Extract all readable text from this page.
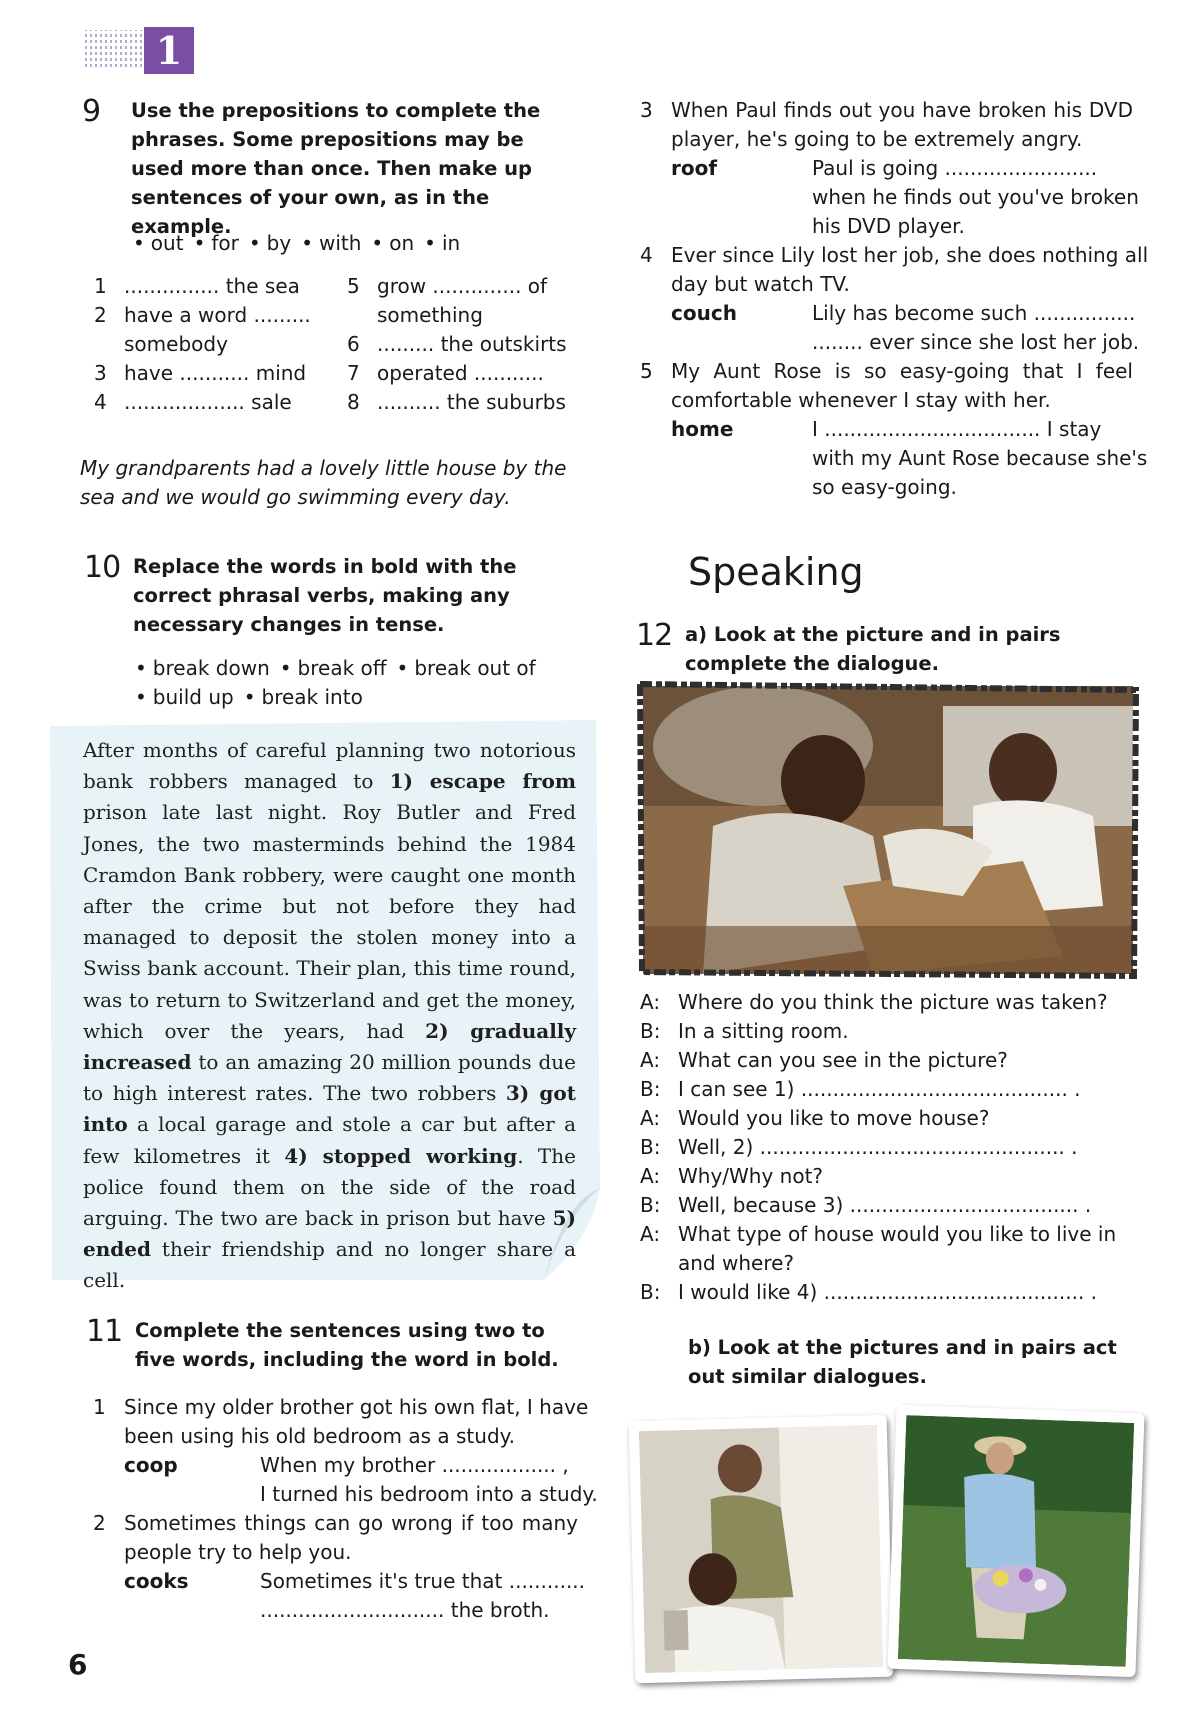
1
9 Use the prepositions to complete the phrases. Some prepositions may be used more than once. Then make up sentences of your own, as in the example.
• out • for • by • with • on • in
1 ............... the sea
2 have a word .........
somebody
3 have ........... mind
4 ................... sale
5 grow .............. of
something
6 ......... the outskirts
7 operated ...........
8 .......... the suburbs
My grandparents had a lovely little house by the sea and we would go swimming every day.
10 Replace the words in bold with the correct phrasal verbs, making any necessary changes in tense.
• break down • break off • break out of
• build up • break into
After months of careful planning two notorious bank robbers managed to 1) escape from prison late last night. Roy Butler and Fred Jones, the two masterminds behind the 1984 Cramdon Bank robbery, were caught one month after the crime but not before they had managed to deposit the stolen money into a Swiss bank account. Their plan, this time round, was to return to Switzerland and get the money, which over the years, had 2) gradually increased to an amazing 20 million pounds due to high interest rates. The two robbers 3) got into a local garage and stole a car but after a few kilometres it 4) stopped working. The police found them on the side of the road arguing. The two are back in prison but have 5) ended their friendship and no longer share a cell.
11 Complete the sentences using two to five words, including the word in bold.
1 Since my older brother got his own flat, I have
been using his old bedroom as a study.
coop	When my brother .................. ,
I turned his bedroom into a study.
2 Sometimes things can go wrong if too many
people try to help you.
cooks	Sometimes it's true that ............
............................. the broth.
3 When Paul finds out you have broken his DVD
player, he's going to be extremely angry.
roof	Paul is going ........................
when he finds out you've broken
his DVD player.
4 Ever since Lily lost her job, she does nothing all
day but watch TV.
couch	Lily has become such ................
........ ever since she lost her job.
5 My Aunt Rose is so easy-going that I feel
comfortable whenever I stay with her.
home	I .................................. I stay
with my Aunt Rose because she's
so easy-going.
Speaking
12 a) Look at the picture and in pairs complete the dialogue.
A: Where do you think the picture was taken?
B: In a sitting room.
A: What can you see in the picture?
B: I can see 1) .......................................... .
A: Would you like to move house?
B: Well, 2) ................................................ .
A: Why/Why not?
B: Well, because 3) .................................... .
A: What type of house would you like to live in
and where?
B: I would like 4) ......................................... .
b) Look at the pictures and in pairs act out similar dialogues.
6
